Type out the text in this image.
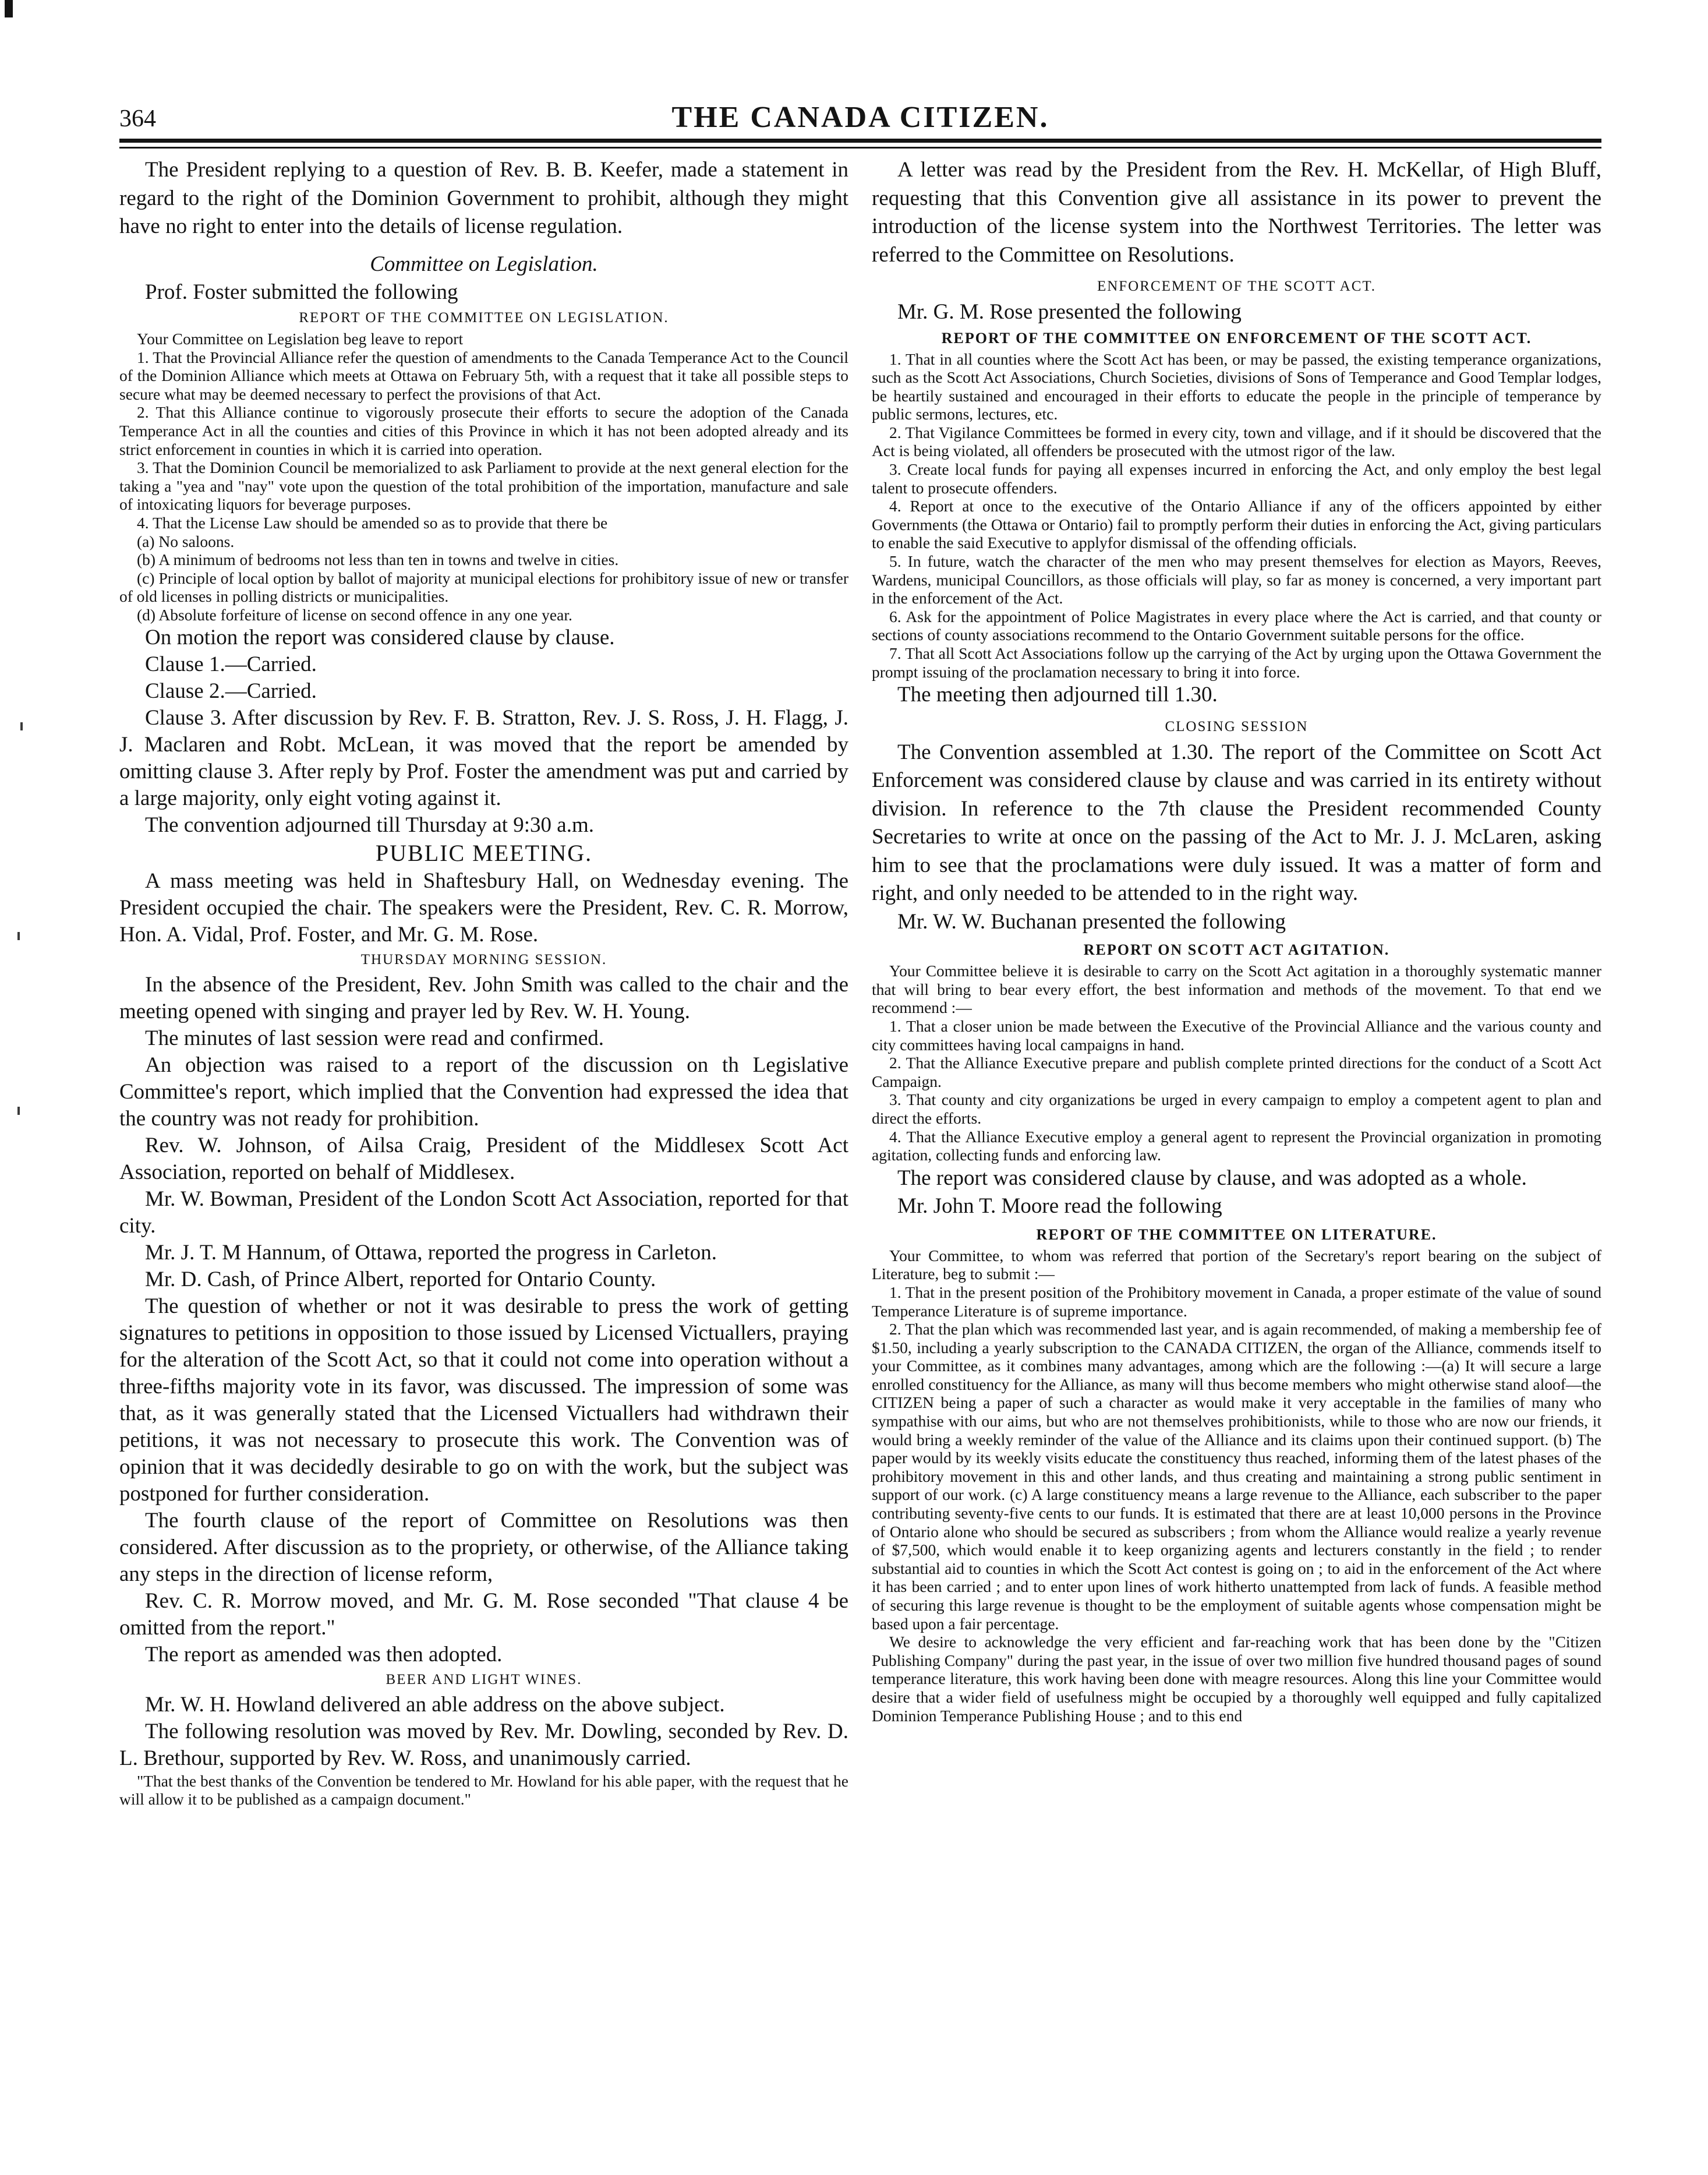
364	THE CANADA CITIZEN.

The President replying to a question of Rev. B. B. Keefer, made a statement in regard to the right of the Dominion Government to prohibit, although they might have no right to enter into the details of license regulation.

Committee on Legislation.

Prof. Foster submitted the following

REPORT OF THE COMMITTEE ON LEGISLATION.

Your Committee on Legislation beg leave to report

1. That the Provincial Alliance refer the question of amendments to the Canada Temperance Act to the Council of the Dominion Alliance which meets at Ottawa on February 5th, with a request that it take all possible steps to secure what may be deemed necessary to perfect the provisions of that Act.

2. That this Alliance continue to vigorously prosecute their efforts to secure the adoption of the Canada Temperance Act in all the counties and cities of this Province in which it has not been adopted already and its strict enforcement in counties in which it is carried into operation.

3. That the Dominion Council be memorialized to ask Parliament to provide at the next general election for the taking a "yea and "nay" vote upon the question of the total prohibition of the importation, manufacture and sale of intoxicating liquors for beverage purposes.

4. That the License Law should be amended so as to provide that there be

(a) No saloons.

(b) A minimum of bedrooms not less than ten in towns and twelve in cities.

(c) Principle of local option by ballot of majority at municipal elections for prohibitory issue of new or transfer of old licenses in polling districts or municipalities.

(d) Absolute forfeiture of license on second offence in any one year.

On motion the report was considered clause by clause.

Clause 1.—Carried.

Clause 2.—Carried.

Clause 3. After discussion by Rev. F. B. Stratton, Rev. J. S. Ross, J. H. Flagg, J. J. Maclaren and Robt. McLean, it was moved that the report be amended by omitting clause 3. After reply by Prof. Foster the amendment was put and carried by a large majority, only eight voting against it.

The convention adjourned till Thursday at 9:30 a.m.

PUBLIC MEETING.

A mass meeting was held in Shaftesbury Hall, on Wednesday evening. The President occupied the chair. The speakers were the President, Rev. C. R. Morrow, Hon. A. Vidal, Prof. Foster, and Mr. G. M. Rose.

THURSDAY MORNING SESSION.

In the absence of the President, Rev. John Smith was called to the chair and the meeting opened with singing and prayer led by Rev. W. H. Young.

The minutes of last session were read and confirmed.

An objection was raised to a report of the discussion on th Legislative Committee's report, which implied that the Convention had expressed the idea that the country was not ready for prohibition.

Rev. W. Johnson, of Ailsa Craig, President of the Middlesex Scott Act Association, reported on behalf of Middlesex.

Mr. W. Bowman, President of the London Scott Act Association, reported for that city.

Mr. J. T. M Hannum, of Ottawa, reported the progress in Carleton.

Mr. D. Cash, of Prince Albert, reported for Ontario County.

The question of whether or not it was desirable to press the work of getting signatures to petitions in opposition to those issued by Licensed Victuallers, praying for the alteration of the Scott Act, so that it could not come into operation without a three-fifths majority vote in its favor, was discussed. The impression of some was that, as it was generally stated that the Licensed Victuallers had withdrawn their petitions, it was not necessary to prosecute this work. The Convention was of opinion that it was decidedly desirable to go on with the work, but the subject was postponed for further consideration.

The fourth clause of the report of Committee on Resolutions was then considered. After discussion as to the propriety, or otherwise, of the Alliance taking any steps in the direction of license reform,

Rev. C. R. Morrow moved, and Mr. G. M. Rose seconded "That clause 4 be omitted from the report."

The report as amended was then adopted.

BEER AND LIGHT WINES.

Mr. W. H. Howland delivered an able address on the above subject.

The following resolution was moved by Rev. Mr. Dowling, seconded by Rev. D. L. Brethour, supported by Rev. W. Ross, and unanimously carried.

"That the best thanks of the Convention be tendered to Mr. Howland for his able paper, with the request that he will allow it to be published as a campaign document."

A letter was read by the President from the Rev. H. McKellar, of High Bluff, requesting that this Convention give all assistance in its power to prevent the introduction of the license system into the Northwest Territories. The letter was referred to the Committee on Resolutions.

ENFORCEMENT OF THE SCOTT ACT.

Mr. G. M. Rose presented the following

REPORT OF THE COMMITTEE ON ENFORCEMENT OF THE SCOTT ACT.

1. That in all counties where the Scott Act has been, or may be passed, the existing temperance organizations, such as the Scott Act Associations, Church Societies, divisions of Sons of Temperance and Good Templar lodges, be heartily sustained and encouraged in their efforts to educate the people in the principle of temperance by public sermons, lectures, etc.

2. That Vigilance Committees be formed in every city, town and village, and if it should be discovered that the Act is being violated, all offenders be prosecuted with the utmost rigor of the law.

3. Create local funds for paying all expenses incurred in enforcing the Act, and only employ the best legal talent to prosecute offenders.

4. Report at once to the executive of the Ontario Alliance if any of the officers appointed by either Governments (the Ottawa or Ontario) fail to promptly perform their duties in enforcing the Act, giving particulars to enable the said Executive to applyfor dismissal of the offending officials.

5. In future, watch the character of the men who may present themselves for election as Mayors, Reeves, Wardens, municipal Councillors, as those officials will play, so far as money is concerned, a very important part in the enforcement of the Act.

6. Ask for the appointment of Police Magistrates in every place where the Act is carried, and that county or sections of county associations recommend to the Ontario Government suitable persons for the office.

7. That all Scott Act Associations follow up the carrying of the Act by urging upon the Ottawa Government the prompt issuing of the proclamation necessary to bring it into force.

The meeting then adjourned till 1.30.

CLOSING SESSION

The Convention assembled at 1.30. The report of the Committee on Scott Act Enforcement was considered clause by clause and was carried in its entirety without division. In reference to the 7th clause the President recommended County Secretaries to write at once on the passing of the Act to Mr. J. J. McLaren, asking him to see that the proclamations were duly issued. It was a matter of form and right, and only needed to be attended to in the right way.

Mr. W. W. Buchanan presented the following

REPORT ON SCOTT ACT AGITATION.

Your Committee believe it is desirable to carry on the Scott Act agitation in a thoroughly systematic manner that will bring to bear every effort, the best information and methods of the movement. To that end we recommend :—

1. That a closer union be made between the Executive of the Provincial Alliance and the various county and city committees having local campaigns in hand.

2. That the Alliance Executive prepare and publish complete printed directions for the conduct of a Scott Act Campaign.

3. That county and city organizations be urged in every campaign to employ a competent agent to plan and direct the efforts.

4. That the Alliance Executive employ a general agent to represent the Provincial organization in promoting agitation, collecting funds and enforcing law.

The report was considered clause by clause, and was adopted as a whole.

Mr. John T. Moore read the following

REPORT OF THE COMMITTEE ON LITERATURE.

Your Committee, to whom was referred that portion of the Secretary's report bearing on the subject of Literature, beg to submit :—

1. That in the present position of the Prohibitory movement in Canada, a proper estimate of the value of sound Temperance Literature is of supreme importance.

2. That the plan which was recommended last year, and is again recommended, of making a membership fee of $1.50, including a yearly subscription to the CANADA CITIZEN, the organ of the Alliance, commends itself to your Committee, as it combines many advantages, among which are the following :—(a) It will secure a large enrolled constituency for the Alliance, as many will thus become members who might otherwise stand aloof—the CITIZEN being a paper of such a character as would make it very acceptable in the families of many who sympathise with our aims, but who are not themselves prohibitionists, while to those who are now our friends, it would bring a weekly reminder of the value of the Alliance and its claims upon their continued support. (b) The paper would by its weekly visits educate the constituency thus reached, informing them of the latest phases of the prohibitory movement in this and other lands, and thus creating and maintaining a strong public sentiment in support of our work. (c) A large constituency means a large revenue to the Alliance, each subscriber to the paper contributing seventy-five cents to our funds. It is estimated that there are at least 10,000 persons in the Province of Ontario alone who should be secured as subscribers ; from whom the Alliance would realize a yearly revenue of $7,500, which would enable it to keep organizing agents and lecturers constantly in the field ; to render substantial aid to counties in which the Scott Act contest is going on ; to aid in the enforcement of the Act where it has been carried ; and to enter upon lines of work hitherto unattempted from lack of funds. A feasible method of securing this large revenue is thought to be the employment of suitable agents whose compensation might be based upon a fair percentage.

We desire to acknowledge the very efficient and far-reaching work that has been done by the "Citizen Publishing Company" during the past year, in the issue of over two million five hundred thousand pages of sound temperance literature, this work having been done with meagre resources. Along this line your Committee would desire that a wider field of usefulness might be occupied by a thoroughly well equipped and fully capitalized Dominion Temperance Publishing House ; and to this end
